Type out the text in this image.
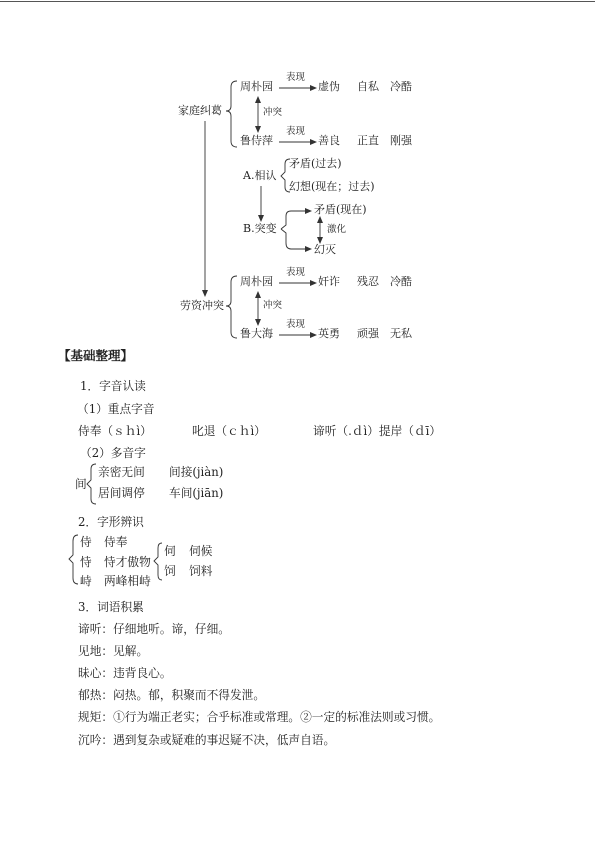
家庭纠葛
周朴园
表现
虚伪 自私 冷酷
冲突
鲁侍萍
表现
善良 正直 刚强
A.相认
矛盾(过去)
幻想(现在；过去)
B.突变
矛盾(现在)
激化
幻灭
劳资冲突
周朴园
表现
奸诈 残忍 冷酷
冲突
鲁大海
表现
英勇 顽强 无私
【基础整理】
1．字音认读
（1）重点字音
侍奉（ｓｈì）	叱退（ｃｈì）	谛听（.ｄì）提岸（ｄī）
（2）多音字
间
亲密无间 间接(jiàn)
居间调停 车间(jiān)
2．字形辨识
侍 侍奉
恃 恃才傲物
峙 两峰相峙
伺 伺候
饲 饲料
3．词语积累
谛听：仔细地听。谛，仔细。
见地：见解。
昧心：违背良心。
郁热：闷热。郁，积聚而不得发泄。
规矩：①行为端正老实；合乎标准或常理。②一定的标准法则或习惯。
沉吟：遇到复杂或疑难的事迟疑不决，低声自语。
